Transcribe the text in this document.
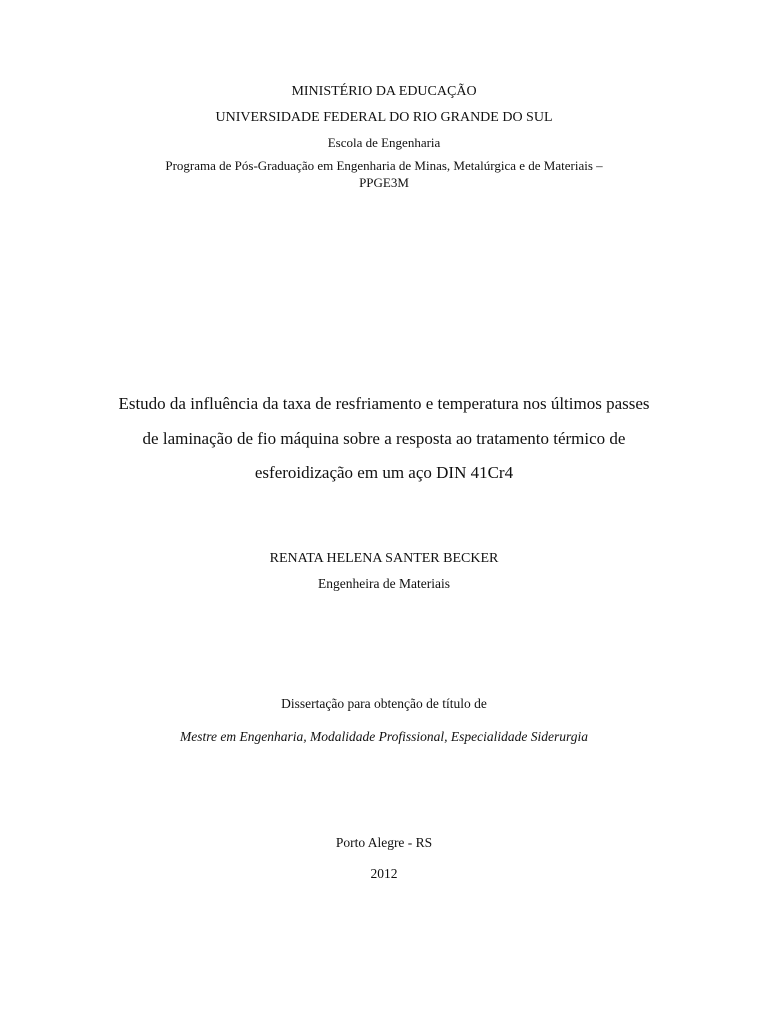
MINISTÉRIO DA EDUCAÇÃO
UNIVERSIDADE FEDERAL DO RIO GRANDE DO SUL
Escola de Engenharia
Programa de Pós-Graduação em Engenharia de Minas, Metalúrgica e de Materiais –
PPGE3M
Estudo da influência da taxa de resfriamento e temperatura nos últimos passes
de laminação de fio máquina sobre a resposta ao tratamento térmico de
esferoidização em um aço DIN 41Cr4
RENATA HELENA SANTER BECKER
Engenheira de Materiais
Dissertação para obtenção de título de
Mestre em Engenharia, Modalidade Profissional, Especialidade Siderurgia
Porto Alegre - RS
2012
